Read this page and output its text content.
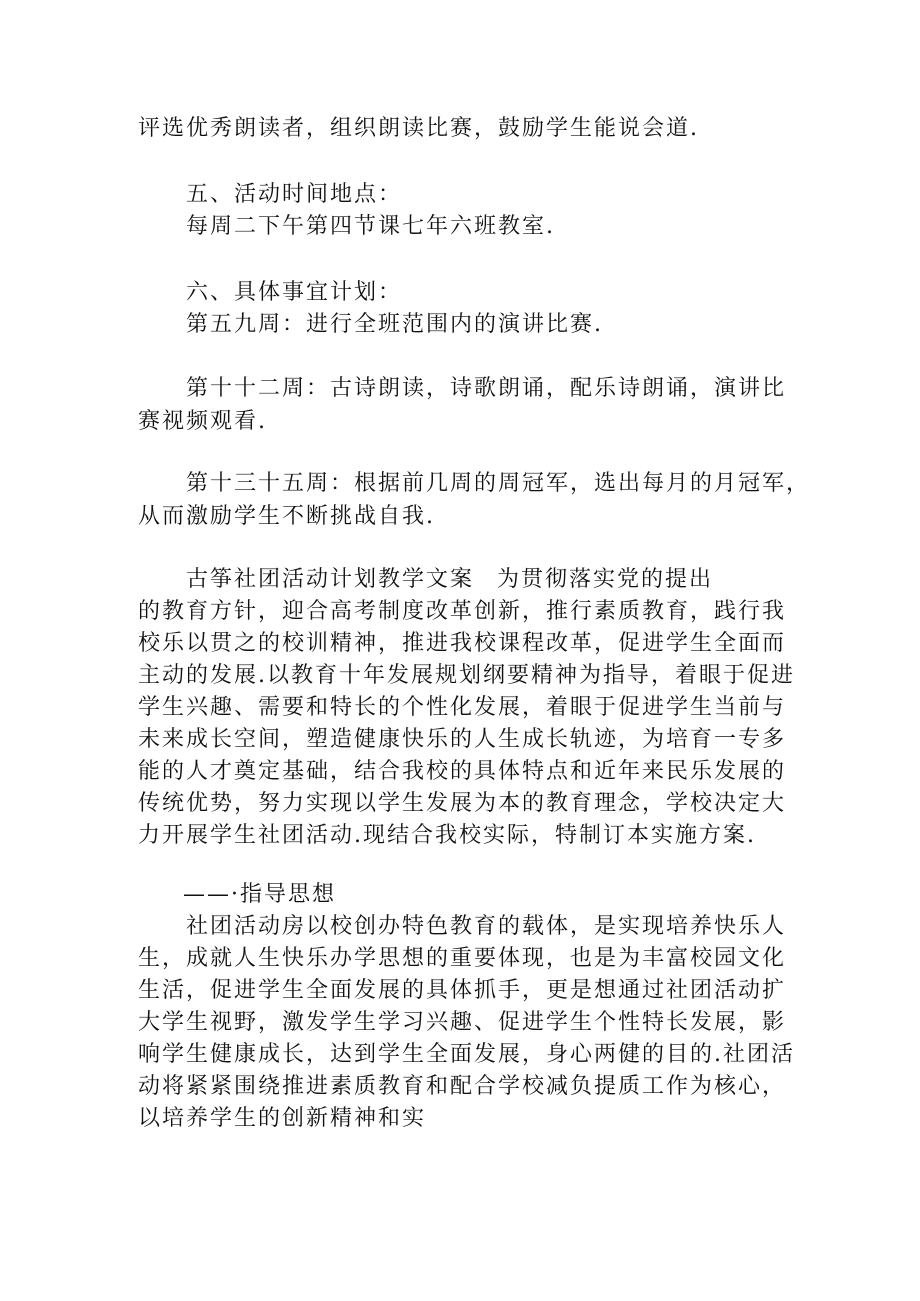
评选优秀朗读者，组织朗读比赛，鼓励学生能说会道.
五、活动时间地点：
每周二下午第四节课七年六班教室.
六、具体事宜计划：
第五九周：进行全班范围内的演讲比赛.
第十十二周：古诗朗读，诗歌朗诵，配乐诗朗诵，演讲比
赛视频观看.
第十三十五周：根据前几周的周冠军，选出每月的月冠军，
从而激励学生不断挑战自我.
古筝社团活动计划教学文案 为贯彻落实党的提出
的教育方针，迎合高考制度改革创新，推行素质教育，践行我
校乐以贯之的校训精神，推进我校课程改革，促进学生全面而
主动的发展.以教育十年发展规划纲要精神为指导，着眼于促进
学生兴趣、需要和特长的个性化发展，着眼于促进学生当前与
未来成长空间，塑造健康快乐的人生成长轨迹，为培育一专多
能的人才奠定基础，结合我校的具体特点和近年来民乐发展的
传统优势，努力实现以学生发展为本的教育理念，学校决定大
力开展学生社团活动.现结合我校实际，特制订本实施方案.
——·指导思想
社团活动房以校创办特色教育的载体，是实现培养快乐人
生，成就人生快乐办学思想的重要体现，也是为丰富校园文化
生活，促进学生全面发展的具体抓手，更是想通过社团活动扩
大学生视野，激发学生学习兴趣、促进学生个性特长发展，影
响学生健康成长，达到学生全面发展，身心两健的目的.社团活
动将紧紧围绕推进素质教育和配合学校减负提质工作为核心，
以培养学生的创新精神和实
